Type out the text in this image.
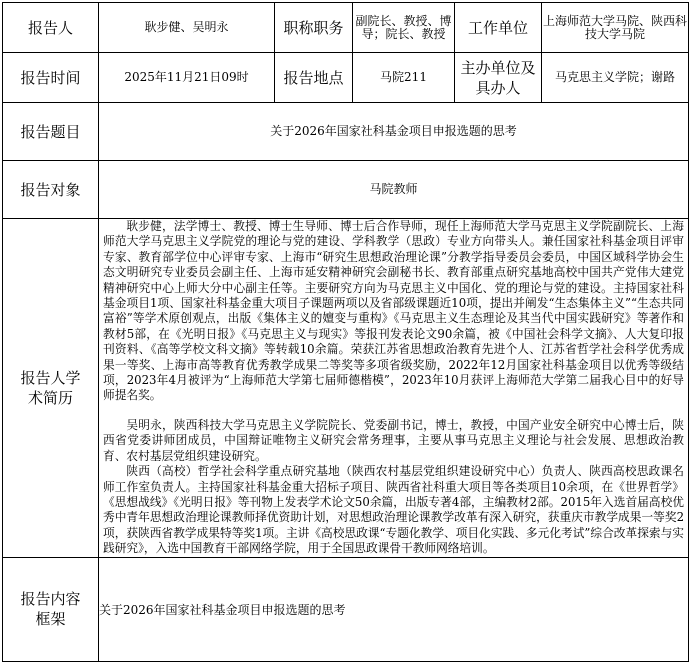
报告人	耿步健、吴明永	职称职务	副院长、教授、博导；院长、教授	工作单位	上海师范大学马院、陕西科技大学马院
报告时间	2025年11月21日09时	报告地点	马院211	主办单位及具办人	马克思主义学院；谢路
报告题目	关于2026年国家社科基金项目申报选题的思考				
报告对象	马院教师				
报告人学术简历	耿步健，法学博士、教授、博士生导师、博士后合作导师，现任上海师范大学马克思主义学院副院长、上海师范大学马克思主义学院党的理论与党的建设、学科教学（思政）专业方向带头人。兼任国家社科基金项目评审专家、教育部学位中心评审专家、上海市“研究生思想政治理论课”分教学指导委员会委员，中国区域科学协会生态文明研究专业委员会副主任、上海市延安精神研究会副秘书长、教育部重点研究基地高校中国共产党伟大建党精神研究中心上师大分中心副主任等。主要研究方向为马克思主义中国化、党的理论与党的建设。主持国家社科基金项目1项、国家社科基金重大项目子课题两项以及省部级课题近10项，提出并阐发“生态集体主义”“生态共同富裕”等学术原创观点，出版《集体主义的嬗变与重构》《马克思主义生态理论及其当代中国实践研究》等著作和教材5部，在《光明日报》《马克思主义与现实》等报刊发表论文90余篇，被《中国社会科学文摘》、人大复印报刊资料、《高等学校文科文摘》等转载10余篇。荣获江苏省思想政治教育先进个人、江苏省哲学社会科学优秀成果一等奖、上海市高等教育优秀教学成果二等奖等多项省级奖励，2022年12月国家社科基金项目以优秀等级结项，2023年4月被评为“上海师范大学第七届师德楷模”，2023年10月获评上海师范大学第二届我心目中的好导师提名奖。

吴明永，陕西科技大学马克思主义学院院长、党委副书记，博士，教授，中国产业安全研究中心博士后，陕西省党委讲师团成员，中国辩证唯物主义研究会常务理事，主要从事马克思主义理论与社会发展、思想政治教育、农村基层党组织建设研究。

陕西（高校）哲学社会科学重点研究基地（陕西农村基层党组织建设研究中心）负责人、陕西高校思政课名师工作室负责人。主持国家社科基金重大招标子项目、陕西省社科重大项目等各类项目10余项，在《世界哲学》《思想战线》《光明日报》等刊物上发表学术论文50余篇，出版专著4部，主编教材2部。2015年入选首届高校优秀中青年思想政治理论课教师择优资助计划，对思想政治理论课教学改革有深入研究，获重庆市教学成果一等奖2项，获陕西省教学成果特等奖1项。主讲《高校思政课“专题化教学、项目化实践、多元化考试”综合改革探索与实践研究》，入选中国教育干部网络学院，用于全国思政课骨干教师网络培训。				

报告内容框架	关于2026年国家社科基金项目申报选题的思考				
